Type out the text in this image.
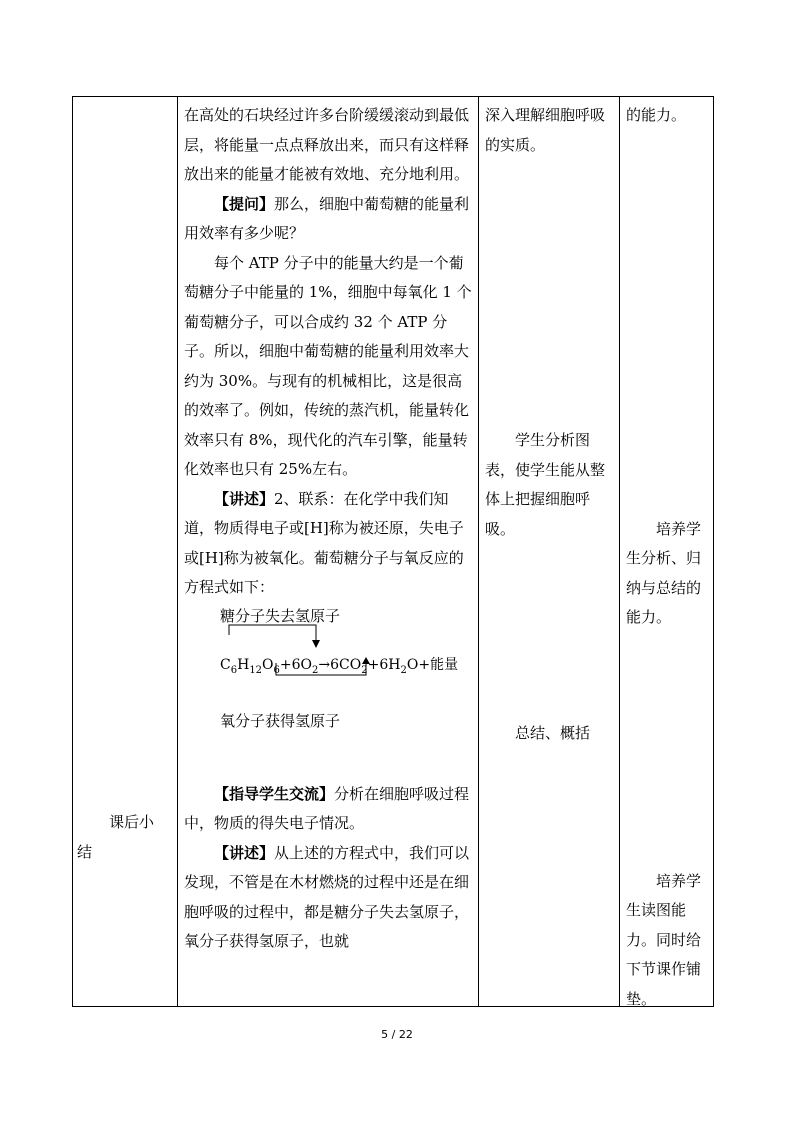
课后小
结

在高处的石块经过许多台阶缓缓滚动到最低层，将能量一点点释放出来，而只有这样释放出来的能量才能被有效地、充分地利用。

【提问】那么，细胞中葡萄糖的能量利用效率有多少呢？

每个 ATP 分子中的能量大约是一个葡萄糖分子中能量的 1%，细胞中每氧化 1 个葡萄糖分子，可以合成约 32 个 ATP 分子。所以，细胞中葡萄糖的能量利用效率大约为 30%。与现有的机械相比，这是很高的效率了。例如，传统的蒸汽机，能量转化效率只有 8%，现代化的汽车引擎，能量转化效率也只有 25%左右。

【讲述】2、联系：在化学中我们知道，物质得电子或[H]称为被还原，失电子或[H]称为被氧化。葡萄糖分子与氧反应的方程式如下：

糖分子失去氢原子
$C_6H_{12}O_6+6O_2\to 6CO_2+6H_2O+$能量
氧分子获得氢原子

【指导学生交流】分析在细胞呼吸过程中，物质的得失电子情况。

【讲述】从上述的方程式中，我们可以发现，不管是在木材燃烧的过程中还是在细胞呼吸的过程中，都是糖分子失去氢原子，氧分子获得氢原子，也就

深入理解细胞呼吸的实质。

学生分析图表，使学生能从整体上把握细胞呼吸。

总结、概括

的能力。

培养学生分析、归纳与总结的能力。

培养学生读图能力。同时给下节课作铺垫。

5 / 22
